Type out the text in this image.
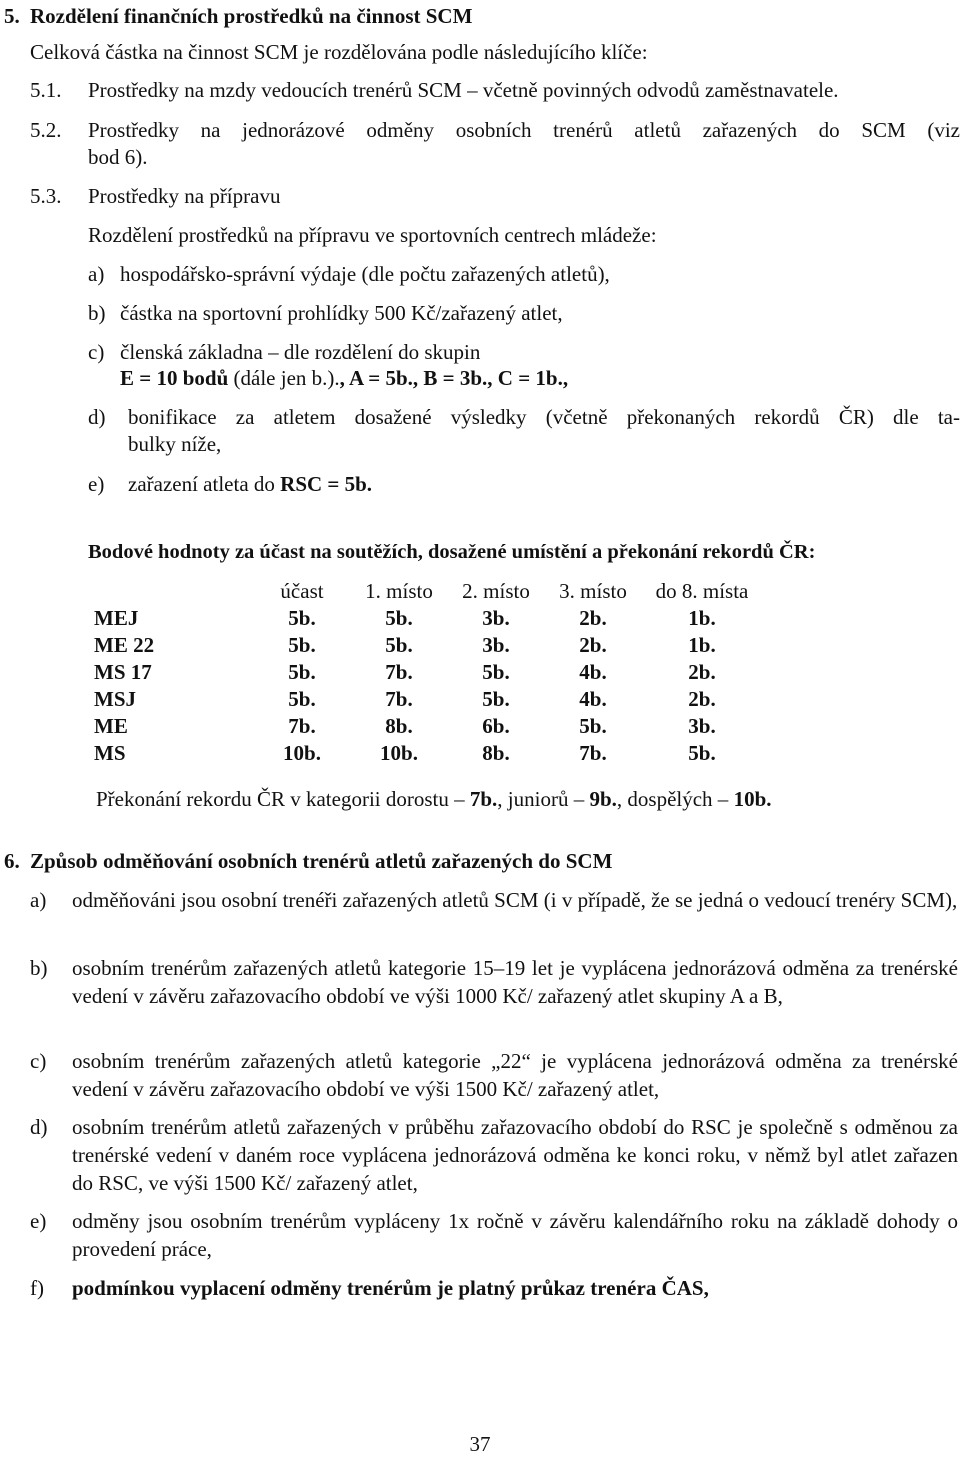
5. Rozdělení finančních prostředků na činnost SCM
Celková částka na činnost SCM je rozdělována podle následujícího klíče:
5.1. Prostředky na mzdy vedoucích trenérů SCM – včetně povinných odvodů zaměstnavatele.
5.2. Prostředky na jednorázové odměny osobních trenérů atletů zařazených do SCM (viz
bod 6).
5.3. Prostředky na přípravu
Rozdělení prostředků na přípravu ve sportovních centrech mládeže:
a) hospodářsko-správní výdaje (dle počtu zařazených atletů),
b) částka na sportovní prohlídky 500 Kč/zařazený atlet,
c) členská základna – dle rozdělení do skupin
E = 10 bodů (dále jen b.)., A = 5b., B = 3b., C = 1b.,
d) bonifikace za atletem dosažené výsledky (včetně překonaných rekordů ČR) dle ta-
bulky níže,
e) zařazení atleta do RSC = 5b.
Bodové hodnoty za účast na soutěžích, dosažené umístění a překonání rekordů ČR:
	účast	1. místo	2. místo	3. místo	do 8. místa
MEJ	5b.	5b.	3b.	2b.	1b.
ME 22	5b.	5b.	3b.	2b.	1b.
MS 17	5b.	7b.	5b.	4b.	2b.
MSJ	5b.	7b.	5b.	4b.	2b.
ME	7b.	8b.	6b.	5b.	3b.
MS	10b.	10b.	8b.	7b.	5b.
Překonání rekordu ČR v kategorii dorostu – 7b., juniorů – 9b., dospělých – 10b.
6. Způsob odměňování osobních trenérů atletů zařazených do SCM
a) odměňováni jsou osobní trenéři zařazených atletů SCM (i v případě, že se jedná o vedoucí trenéry SCM),
b) osobním trenérům zařazených atletů kategorie 15–19 let je vyplácena jednorázová odměna za trenérské vedení v závěru zařazovacího období ve výši 1000 Kč/ zařazený atlet skupiny A a B,
c) osobním trenérům zařazených atletů kategorie „22“ je vyplácena jednorázová odměna za trenérské vedení v závěru zařazovacího období ve výši 1500 Kč/ zařazený atlet,
d) osobním trenérům atletů zařazených v průběhu zařazovacího období do RSC je společně s odměnou za trenérské vedení v daném roce vyplácena jednorázová odměna ke konci roku, v němž byl atlet zařazen do RSC, ve výši 1500 Kč/ zařazený atlet,
e) odměny jsou osobním trenérům vypláceny 1x ročně v závěru kalendářního roku na základě dohody o provedení práce,
f) podmínkou vyplacení odměny trenérům je platný průkaz trenéra ČAS,
37
